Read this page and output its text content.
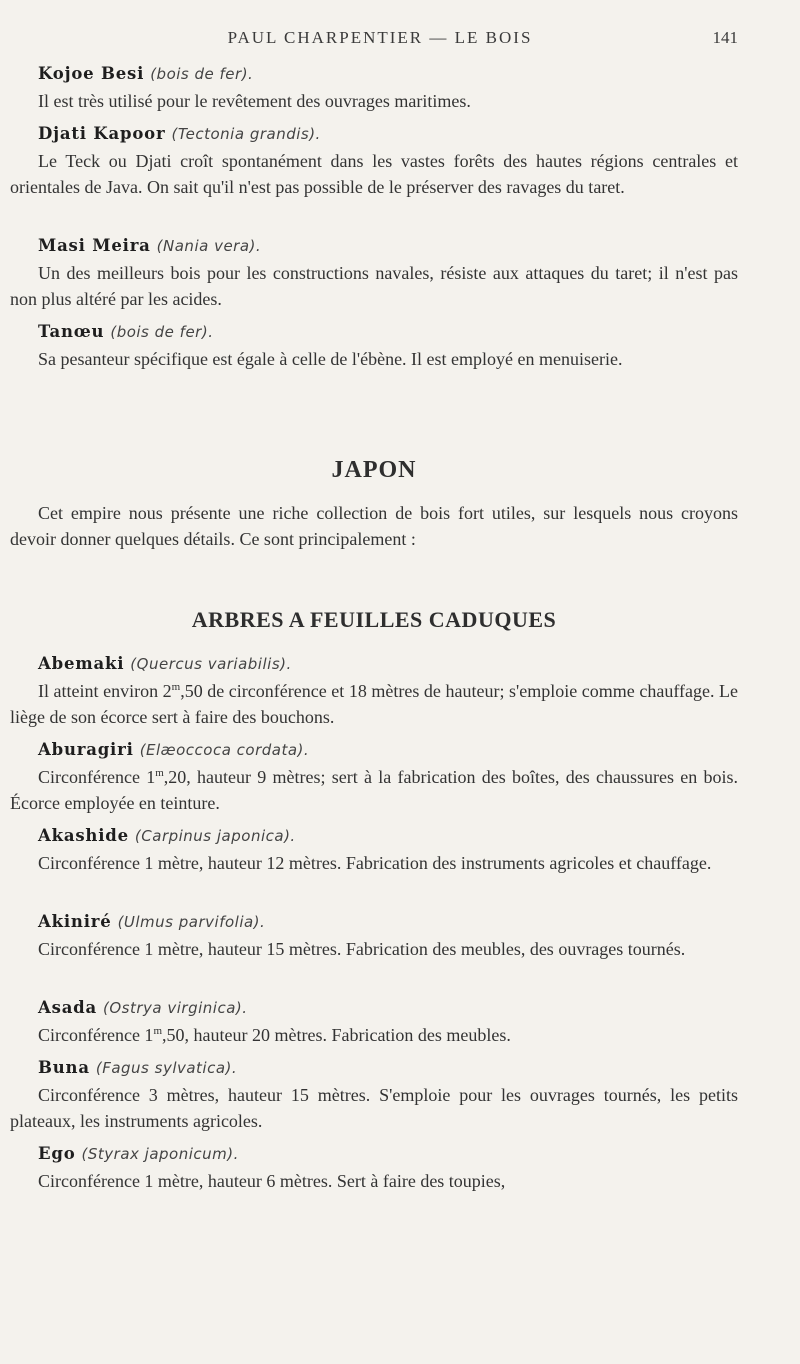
PAUL CHARPENTIER — LE BOIS	141

Kojoe Besi (bois de fer).

Il est très utilisé pour le revêtement des ouvrages maritimes.

Djati Kapoor (Tectonia grandis).

Le Teck ou Djati croît spontanément dans les vastes forêts des hautes régions centrales et orientales de Java. On sait qu'il n'est pas possible de le préserver des ravages du taret.

Masi Meira (Nania vera).

Un des meilleurs bois pour les constructions navales, résiste aux attaques du taret; il n'est pas non plus altéré par les acides.

Tanœu (bois de fer).

Sa pesanteur spécifique est égale à celle de l'ébène. Il est employé en menuiserie.

JAPON

Cet empire nous présente une riche collection de bois fort utiles, sur lesquels nous croyons devoir donner quelques détails. Ce sont principalement :

ARBRES A FEUILLES CADUQUES

Abemaki (Quercus variabilis).

Il atteint environ 2$^m$,50 de circonférence et 18 mètres de hauteur; s'emploie comme chauffage. Le liège de son écorce sert à faire des bouchons.

Aburagiri (Elæoccoca cordata).

Circonférence 1$^m$,20, hauteur 9 mètres; sert à la fabrication des boîtes, des chaussures en bois. Écorce employée en teinture.

Akashide (Carpinus japonica).

Circonférence 1 mètre, hauteur 12 mètres. Fabrication des instruments agricoles et chauffage.

Akiniré (Ulmus parvifolia).

Circonférence 1 mètre, hauteur 15 mètres. Fabrication des meubles, des ouvrages tournés.

Asada (Ostrya virginica).

Circonférence 1$^m$,50, hauteur 20 mètres. Fabrication des meubles.

Buna (Fagus sylvatica).

Circonférence 3 mètres, hauteur 15 mètres. S'emploie pour les ouvrages tournés, les petits plateaux, les instruments agricoles.

Ego (Styrax japonicum).

Circonférence 1 mètre, hauteur 6 mètres. Sert à faire des toupies,
